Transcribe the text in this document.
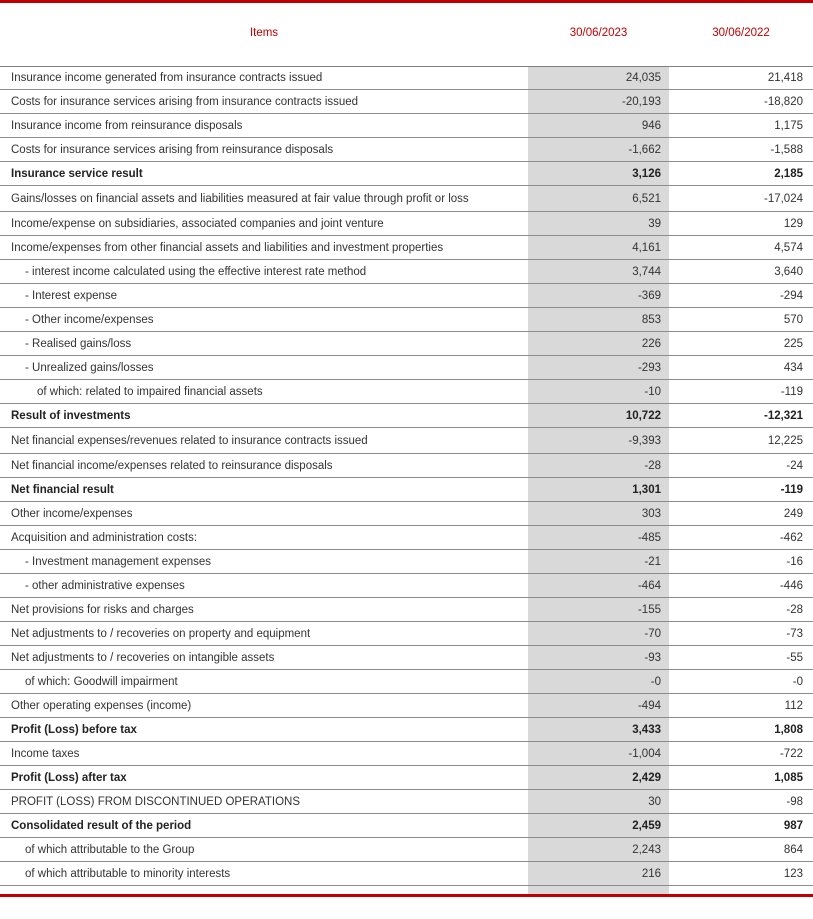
Items	30/06/2023	30/06/2022
Insurance income generated from insurance contracts issued	24,035	21,418
Costs for insurance services arising from insurance contracts issued	-20,193	-18,820
Insurance income from reinsurance disposals	946	1,175
Costs for insurance services arising from reinsurance disposals	-1,662	-1,588
Insurance service result	3,126	2,185
Gains/losses on financial assets and liabilities measured at fair value through profit or loss	6,521	-17,024
Income/expense on subsidiaries, associated companies and joint venture	39	129
Income/expenses from other financial assets and liabilities and investment properties	4,161	4,574
- interest income calculated using the effective interest rate method	3,744	3,640
- Interest expense	-369	-294
- Other income/expenses	853	570
- Realised gains/loss	226	225
- Unrealized gains/losses	-293	434
of which: related to impaired financial assets	-10	-119
Result of investments	10,722	-12,321
Net financial expenses/revenues related to insurance contracts issued	-9,393	12,225
Net financial income/expenses related to reinsurance disposals	-28	-24
Net financial result	1,301	-119
Other income/expenses	303	249
Acquisition and administration costs:	-485	-462
- Investment management expenses	-21	-16
- other administrative expenses	-464	-446
Net provisions for risks and charges	-155	-28
Net adjustments to / recoveries on property and equipment	-70	-73
Net adjustments to / recoveries on intangible assets	-93	-55
of which: Goodwill impairment	-0	-0
Other operating expenses (income)	-494	112
Profit (Loss) before tax	3,433	1,808
Income taxes	-1,004	-722
Profit (Loss) after tax	2,429	1,085
PROFIT (LOSS) FROM DISCONTINUED OPERATIONS	30	-98
Consolidated result of the period	2,459	987
of which attributable to the Group	2,243	864
of which attributable to minority interests	216	123
